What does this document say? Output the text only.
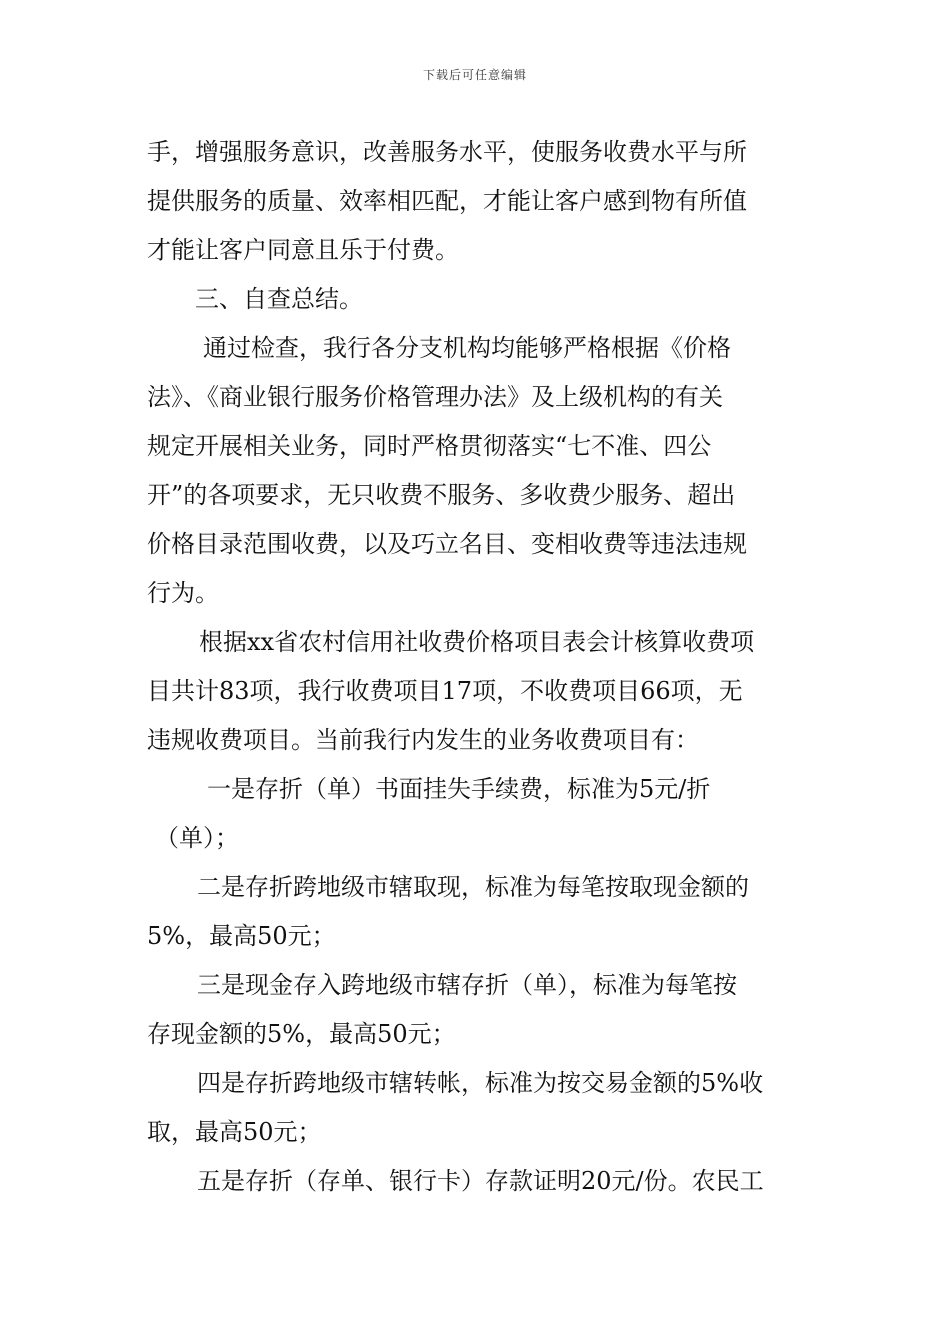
下载后可任意编辑
手，增强服务意识，改善服务水平，使服务收费水平与所
提供服务的质量、效率相匹配，才能让客户感到物有所值
才能让客户同意且乐于付费。
三、自查总结。
通过检查，我行各分支机构均能够严格根据《价格
法》、《商业银行服务价格管理办法》及上级机构的有关
规定开展相关业务，同时严格贯彻落实“七不准、四公
开”的各项要求，无只收费不服务、多收费少服务、超出
价格目录范围收费，以及巧立名目、变相收费等违法违规
行为。
根据xx省农村信用社收费价格项目表会计核算收费项
目共计83项，我行收费项目17项，不收费项目66项，无
违规收费项目。当前我行内发生的业务收费项目有：
一是存折（单）书面挂失手续费，标准为5元/折
（单）；
二是存折跨地级市辖取现，标准为每笔按取现金额的
5%，最高50元；
三是现金存入跨地级市辖存折（单），标准为每笔按
存现金额的5%，最高50元；
四是存折跨地级市辖转帐，标准为按交易金额的5%收
取，最高50元；
五是存折（存单、银行卡）存款证明20元/份。农民工
